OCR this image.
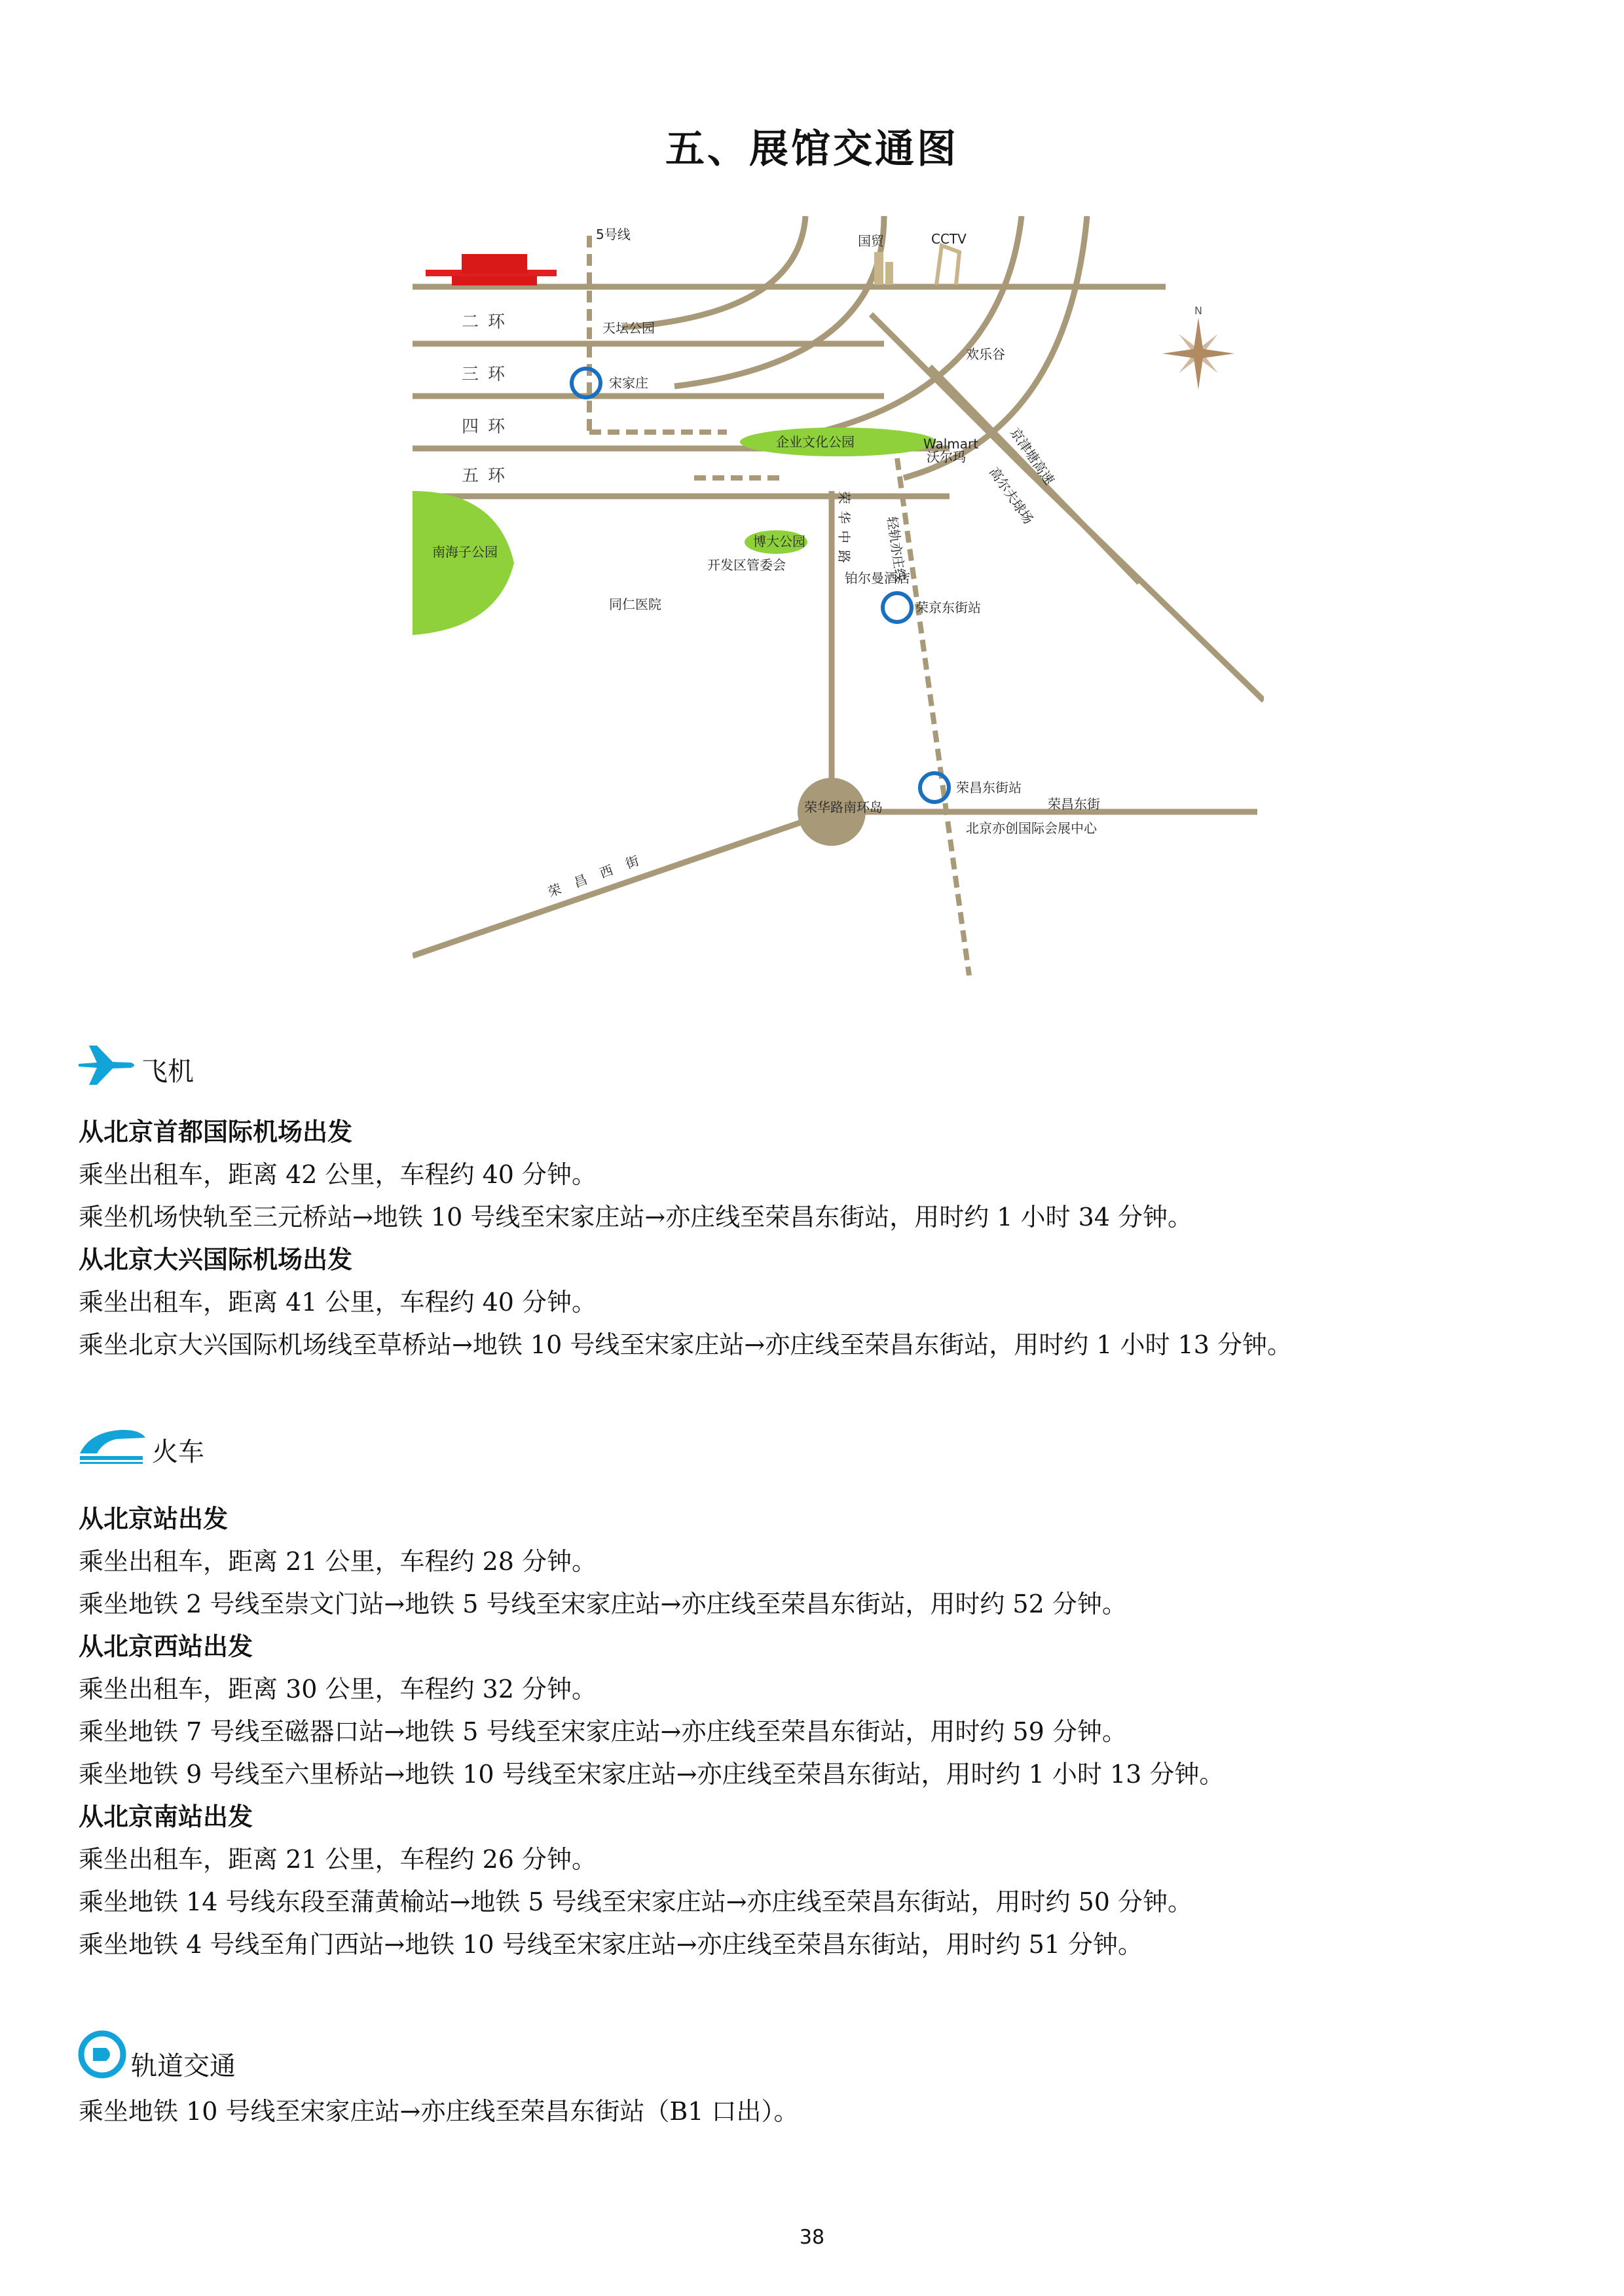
五、展馆交通图
N
5号线	国贸	CCTV
二环
三环
四环
五环
天坛公园
宋家庄
欢乐谷
企业文化公园	Walmart
沃尔玛	京津塘高速
高尔夫球场
南海子公园
博大公园
开发区管委会	荣华中路 轻轨亦庄线
铂尔曼酒店
同仁医院	荣京东街站
荣昌东街站
荣昌东街
北京亦创国际会展中心
荣华路南环岛
荣昌西街
飞机
从北京首都国际机场出发
乘坐出租车，距离 42 公里，车程约 40 分钟。
乘坐机场快轨至三元桥站→地铁 10 号线至宋家庄站→亦庄线至荣昌东街站，用时约 1 小时 34 分钟。
从北京大兴国际机场出发
乘坐出租车，距离 41 公里，车程约 40 分钟。
乘坐北京大兴国际机场线至草桥站→地铁 10 号线至宋家庄站→亦庄线至荣昌东街站，用时约 1 小时 13 分钟。
火车
从北京站出发
乘坐出租车，距离 21 公里，车程约 28 分钟。
乘坐地铁 2 号线至崇文门站→地铁 5 号线至宋家庄站→亦庄线至荣昌东街站，用时约 52 分钟。
从北京西站出发
乘坐出租车，距离 30 公里，车程约 32 分钟。
乘坐地铁 7 号线至磁器口站→地铁 5 号线至宋家庄站→亦庄线至荣昌东街站，用时约 59 分钟。
乘坐地铁 9 号线至六里桥站→地铁 10 号线至宋家庄站→亦庄线至荣昌东街站，用时约 1 小时 13 分钟。
从北京南站出发
乘坐出租车，距离 21 公里，车程约 26 分钟。
乘坐地铁 14 号线东段至蒲黄榆站→地铁 5 号线至宋家庄站→亦庄线至荣昌东街站，用时约 50 分钟。
乘坐地铁 4 号线至角门西站→地铁 10 号线至宋家庄站→亦庄线至荣昌东街站，用时约 51 分钟。
轨道交通
乘坐地铁 10 号线至宋家庄站→亦庄线至荣昌东街站（B1 口出）。
38
